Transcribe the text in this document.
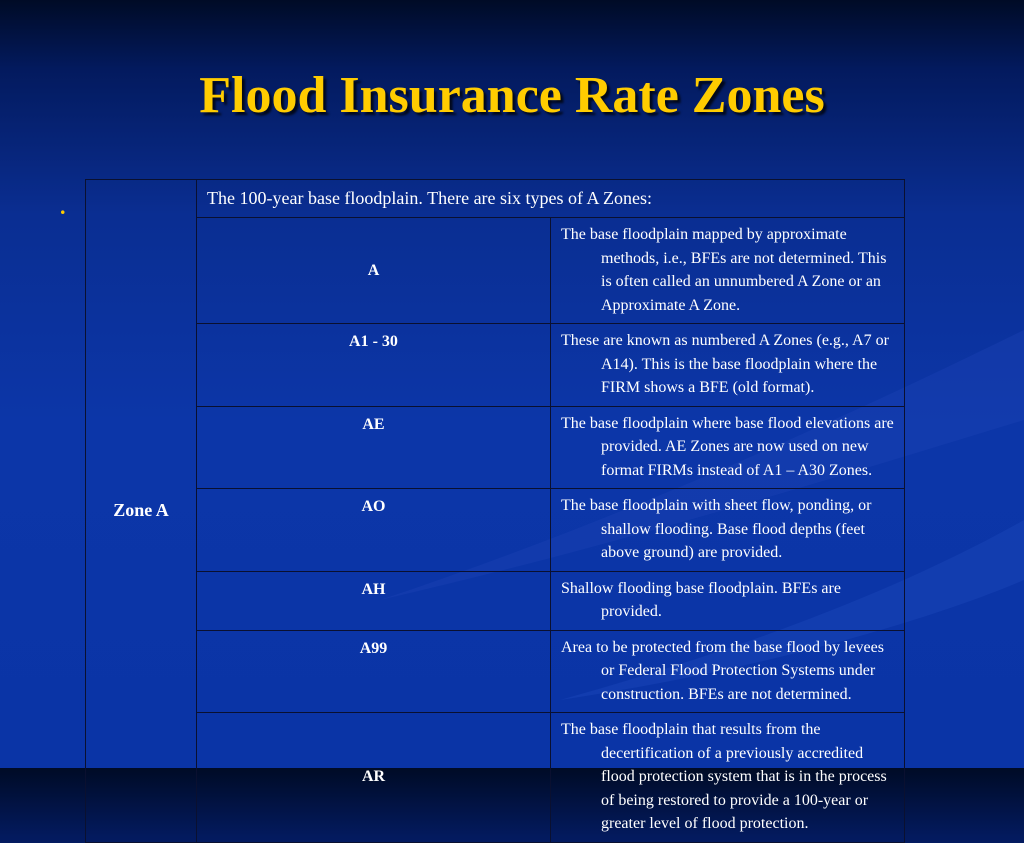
Flood Insurance Rate Zones
.
Zone A	The 100-year base floodplain. There are six types of A Zones:	
	A	The base floodplain mapped by approximate methods, i.e., BFEs are not determined. This is often called an unnumbered A Zone or an Approximate A Zone.

	A1 - 30	These are known as numbered A Zones (e.g., A7 or A14). This is the base floodplain where the FIRM shows a BFE (old format).

	AE	The base floodplain where base flood elevations are provided. AE Zones are now used on new format FIRMs instead of A1 – A30 Zones.

	AO	The base floodplain with sheet flow, ponding, or shallow flooding. Base flood depths (feet above ground) are provided.

	AH	Shallow flooding base floodplain. BFEs are provided.

	A99	Area to be protected from the base flood by levees or Federal Flood Protection Systems under construction. BFEs are not determined.

	AR	The base floodplain that results from the decertification of a previously accredited flood protection system that is in the process of being restored to provide a 100-year or greater level of flood protection.
